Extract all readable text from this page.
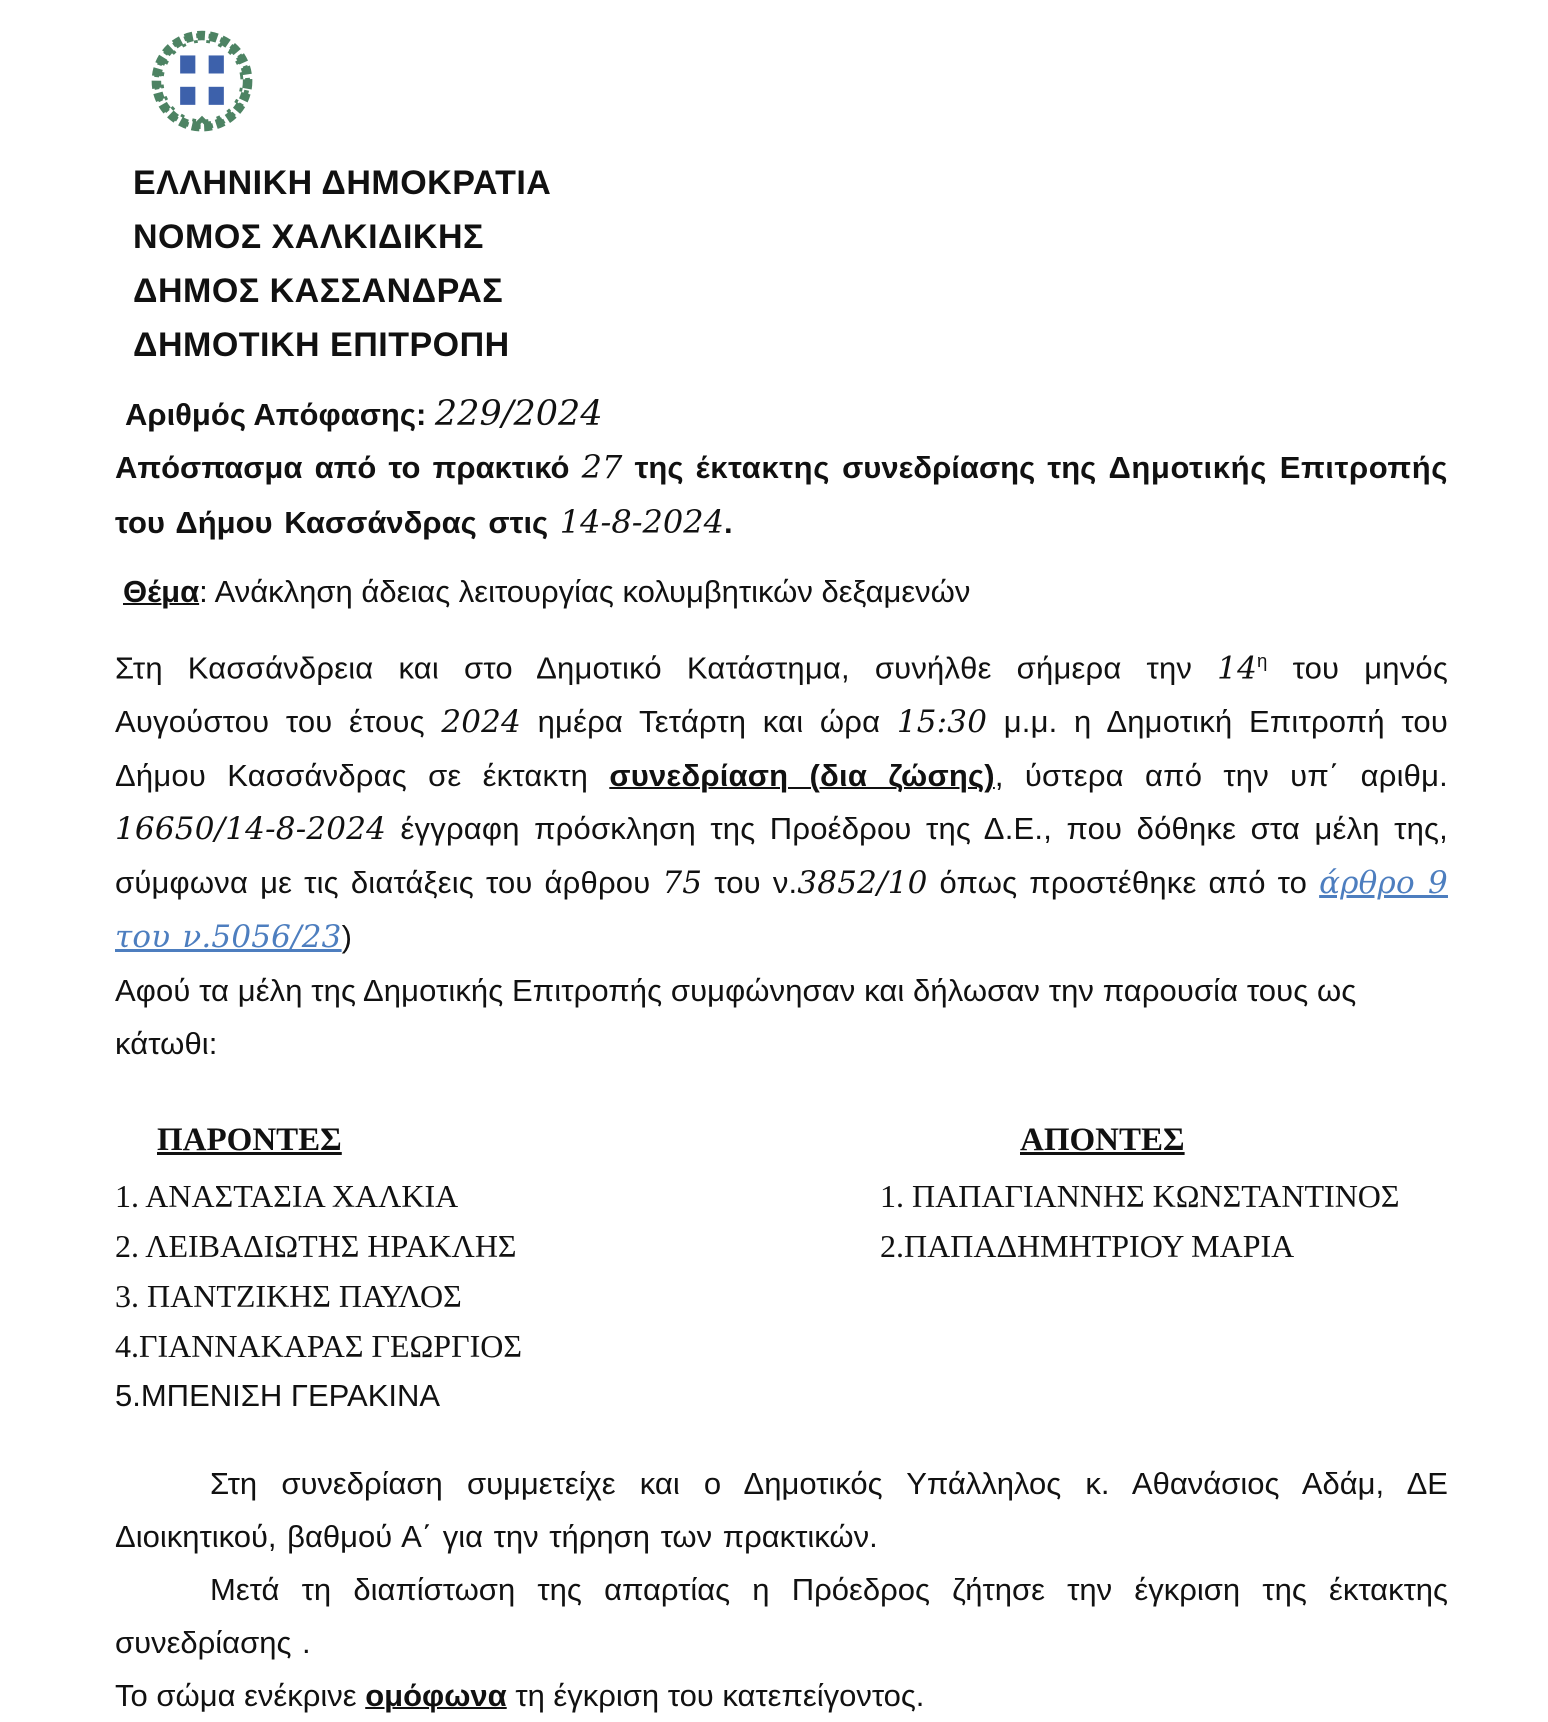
ΕΛΛΗΝΙΚΗ ΔΗΜΟΚΡΑΤΙΑ
ΝΟΜΟΣ ΧΑΛΚΙΔΙΚΗΣ
ΔΗΜΟΣ ΚΑΣΣΑΝΔΡΑΣ
ΔΗΜΟΤΙΚΗ ΕΠΙΤΡΟΠΗ
Αριθμός Απόφασης: 229/2024

Απόσπασμα από το πρακτικό 27 της έκτακτης συνεδρίασης της Δημοτικής Επιτροπής του Δήμου Κασσάνδρας στις 14-8-2024.

Θέμα: Ανάκληση άδειας λειτουργίας κολυμβητικών δεξαμενών

Στη Κασσάνδρεια και στο Δημοτικό Κατάστημα, συνήλθε σήμερα την $14^\eta$ του μηνός Αυγούστου του έτους 2024 ημέρα Τετάρτη και ώρα 15:30 μ.μ. η Δημοτική Επιτροπή του Δήμου Κασσάνδρας σε έκτακτη συνεδρίαση (δια ζώσης), ύστερα από την υπ΄ αριθμ. 16650/14-8-2024 έγγραφη πρόσκληση της Προέδρου της Δ.Ε., που δόθηκε στα μέλη της, σύμφωνα με τις διατάξεις του άρθρου 75 του ν.3852/10 όπως προστέθηκε από το άρθρο 9 του ν.5056/23)

Αφού τα μέλη της Δημοτικής Επιτροπής συμφώνησαν και δήλωσαν την παρουσία τους ως κάτωθι:

ΠΑΡΟΝΤΕΣ
1. ΑΝΑΣΤΑΣΙΑ ΧΑΛΚΙΑ
2. ΛΕΙΒΑΔΙΩΤΗΣ ΗΡΑΚΛΗΣ
3. ΠΑΝΤΖΙΚΗΣ ΠΑΥΛΟΣ
4.ΓΙΑΝΝΑΚΑΡΑΣ ΓΕΩΡΓΙΟΣ
5.ΜΠΕΝΙΣΗ ΓΕΡΑΚΙΝΑ
ΑΠΟΝΤΕΣ
1. ΠΑΠΑΓΙΑΝΝΗΣ ΚΩΝΣΤΑΝΤΙΝΟΣ
2.ΠΑΠΑΔΗΜΗΤΡΙΟΥ ΜΑΡΙΑ

Στη συνεδρίαση συμμετείχε και ο Δημοτικός Υπάλληλος κ. Αθανάσιος Αδάμ, ΔΕ Διοικητικού, βαθμού Α΄ για την τήρηση των πρακτικών.

Μετά τη διαπίστωση της απαρτίας η Πρόεδρος ζήτησε την έγκριση της έκτακτης συνεδρίασης .

Το σώμα ενέκρινε ομόφωνα τη έγκριση του κατεπείγοντος.
